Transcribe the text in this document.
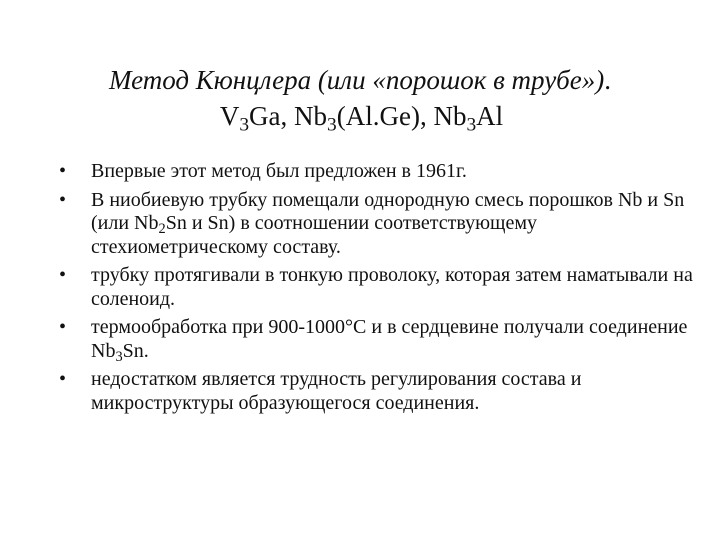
Метод Кюнцлера (или «порошок в трубе»).
$V_3Ga$, $Nb_3(Al.Ge)$, $Nb_3Al$
• Впервые этот метод был предложен в 1961г.
• В ниобиевую трубку помещали однородную смесь порошков Nb и Sn (или $Nb_2Sn$ и Sn) в соотношении соответствующему стехиометрическому составу.
• трубку протягивали в тонкую проволоку, которая затем наматывали на соленоид.
• термообработка при 900-1000°С и в сердцевине получали соединение $Nb_3Sn$.
• недостатком является трудность регулирования состава и микроструктуры образующегося соединения.
